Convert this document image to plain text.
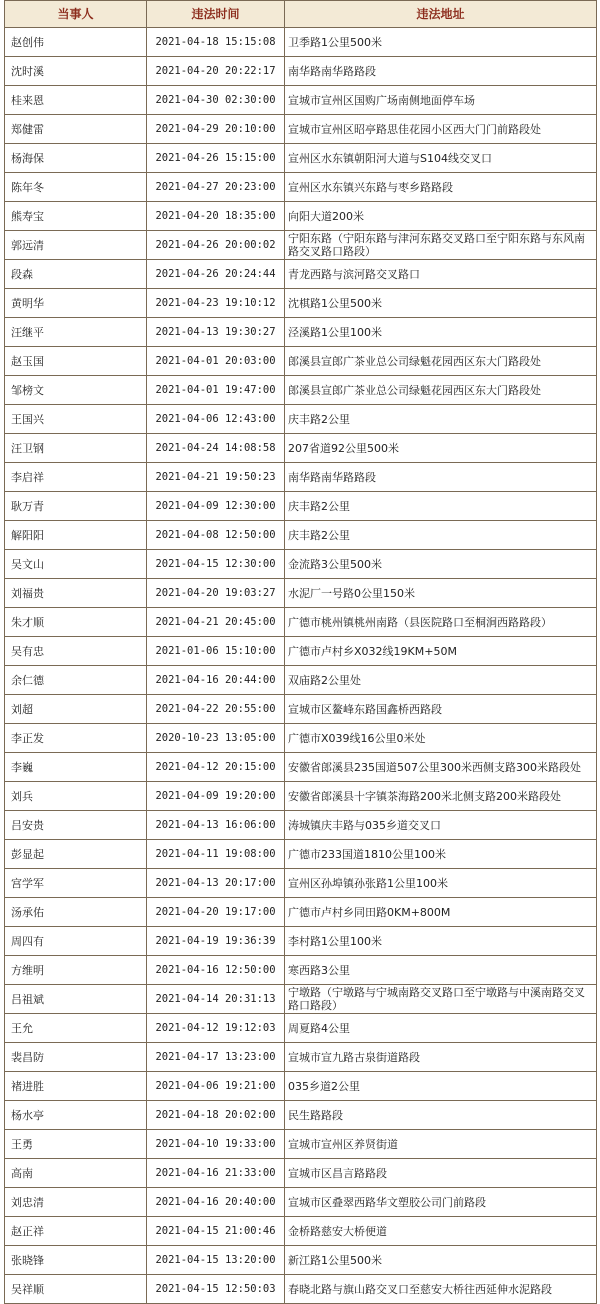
当事人	违法时间	违法地址
赵创伟	2021-04-18 15:15:08	卫季路1公里500米
沈时溪	2021-04-20 20:22:17	南华路南华路路段
桂来恩	2021-04-30 02:30:00	宣城市宣州区国购广场南侧地面停车场
郑健雷	2021-04-29 20:10:00	宣城市宣州区昭亭路思佳花园小区西大门门前路段处
杨海保	2021-04-26 15:15:00	宣州区水东镇朝阳河大道与S104线交叉口
陈年冬	2021-04-27 20:23:00	宣州区水东镇兴东路与枣乡路路段
熊寿宝	2021-04-20 18:35:00	向阳大道200米
郭远清	2021-04-26 20:00:02	宁阳东路（宁阳东路与津河东路交叉路口至宁阳东路与东风南路交叉路口路段）
段森	2021-04-26 20:24:44	青龙西路与滨河路交叉路口
黄明华	2021-04-23 19:10:12	沈棋路1公里500米
汪继平	2021-04-13 19:30:27	泾溪路1公里100米
赵玉国	2021-04-01 20:03:00	郎溪县宣郎广茶业总公司绿魁花园西区东大门路段处
邹榜文	2021-04-01 19:47:00	郎溪县宣郎广茶业总公司绿魁花园西区东大门路段处
王国兴	2021-04-06 12:43:00	庆丰路2公里
汪卫钢	2021-04-24 14:08:58	207省道92公里500米
李启祥	2021-04-21 19:50:23	南华路南华路路段
耿万青	2021-04-09 12:30:00	庆丰路2公里
解阳阳	2021-04-08 12:50:00	庆丰路2公里
吴文山	2021-04-15 12:30:00	金流路3公里500米
刘福贵	2021-04-20 19:03:27	水泥厂一号路0公里150米
朱才顺	2021-04-21 20:45:00	广德市桃州镇桃州南路（县医院路口至桐涧西路路段）
吴有忠	2021-01-06 15:10:00	广德市卢村乡X032线19KM+50M
余仁德	2021-04-16 20:44:00	双庙路2公里处
刘超	2021-04-22 20:55:00	宣城市区鳌峰东路国鑫桥西路段
李正发	2020-10-23 13:05:00	广德市X039线16公里0米处
李巍	2021-04-12 20:15:00	安徽省郎溪县235国道507公里300米西侧支路300米路段处
刘兵	2021-04-09 19:20:00	安徽省郎溪县十字镇茶海路200米北侧支路200米路段处
吕安贵	2021-04-13 16:06:00	涛城镇庆丰路与035乡道交叉口
彭显起	2021-04-11 19:08:00	广德市233国道1810公里100米
宫学军	2021-04-13 20:17:00	宣州区孙埠镇孙张路1公里100米
汤承佑	2021-04-20 19:17:00	广德市卢村乡同田路0KM+800M
周四有	2021-04-19 19:36:39	李村路1公里100米
方维明	2021-04-16 12:50:00	寒西路3公里
吕祖斌	2021-04-14 20:31:13	宁墩路（宁墩路与宁城南路交叉路口至宁墩路与中溪南路交叉路口路段）
王允	2021-04-12 19:12:03	周夏路4公里
裴昌防	2021-04-17 13:23:00	宣城市宣九路古泉街道路段
褚进胜	2021-04-06 19:21:00	035乡道2公里
杨水亭	2021-04-18 20:02:00	民生路路段
王勇	2021-04-10 19:33:00	宣城市宣州区养贤街道
高南	2021-04-16 21:33:00	宣城市区昌言路路段
刘忠清	2021-04-16 20:40:00	宣城市区叠翠西路华文塑胶公司门前路段
赵正祥	2021-04-15 21:00:46	金桥路慈安大桥便道
张晓锋	2021-04-15 13:20:00	新江路1公里500米
吴祥顺	2021-04-15 12:50:03	春晓北路与旗山路交叉口至慈安大桥往西延伸水泥路段
